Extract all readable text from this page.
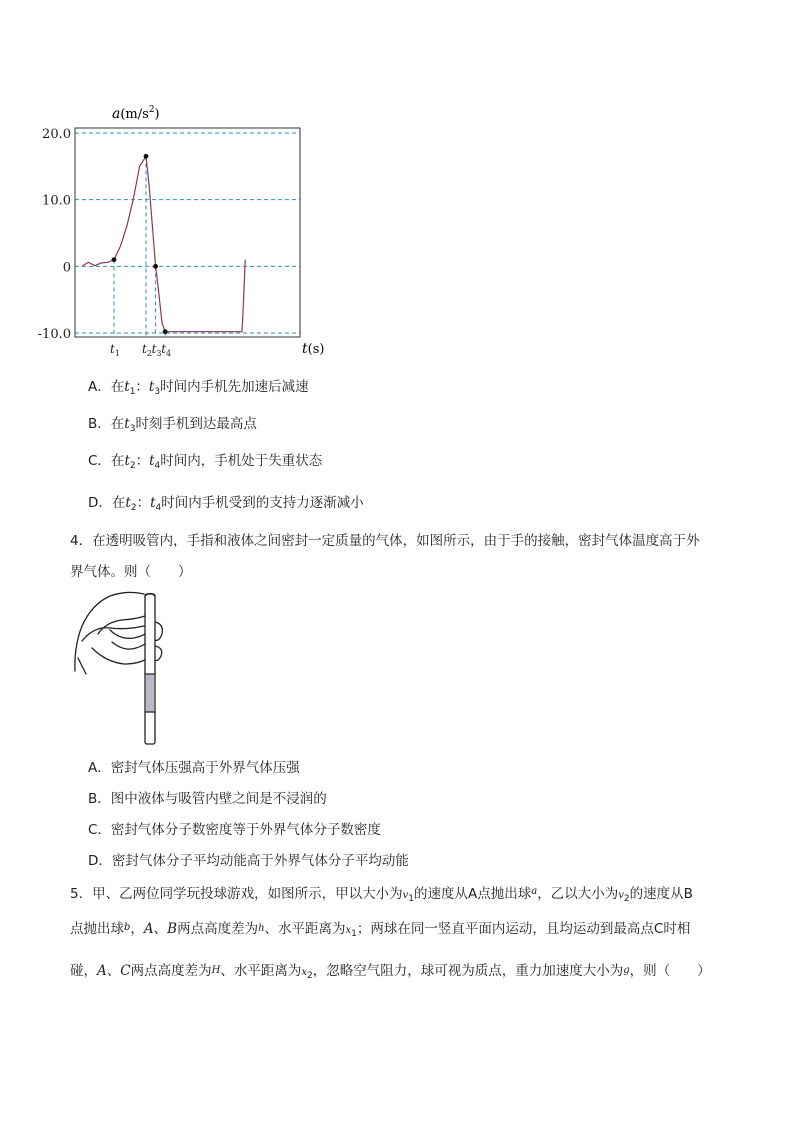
20.0
10.0
0
-10.0
$t_1$ $t_2$ $t_3$ $t_4$
$a(m/s^2)$
t(s)
A．在$t_1$：$t_3$时间内手机先加速后减速
B．在$t_3$时刻手机到达最高点
C．在$t_2$：$t_4$时间内，手机处于失重状态
D．在$t_2$：$t_4$时间内手机受到的支持力逐渐减小
4．在透明吸管内，手指和液体之间密封一定质量的气体，如图所示，由于手的接触，密封气体温度高于外
界气体。则（　　）
A．密封气体压强高于外界气体压强
B．图中液体与吸管内壁之间是不浸润的
C．密封气体分子数密度等于外界气体分子数密度
D．密封气体分子平均动能高于外界气体分子平均动能
5．甲、乙两位同学玩投球游戏，如图所示，甲以大小为$v_1$的速度从A点抛出球$^a$，乙以大小为$v_2$的速度从B
点抛出球$^b$，A、B两点高度差为h、水平距离为$x_1$；两球在同一竖直平面内运动，且均运动到最高点C时相
碰，A、C两点高度差为H、水平距离为$x_2$，忽略空气阻力，球可视为质点，重力加速度大小为g，则（　　）
